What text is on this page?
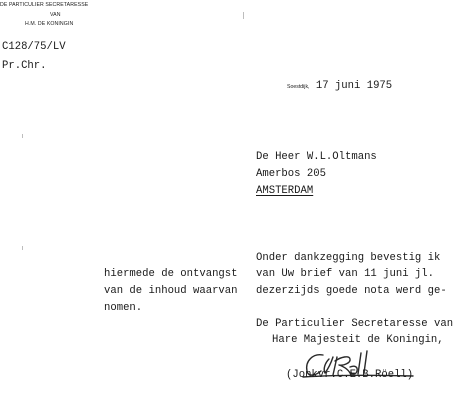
DE PARTICULIER SECRETARESSE
VAN
H.M. DE KONINGIN
C128/75/LV
Pr.Chr.
Soestdijk, 17 juni 1975
De Heer W.L.Oltmans
Amerbos 205
AMSTERDAM
Onder dankzegging bevestig ik
hiermede de ontvangst van Uw brief van 11 juni jl.
van de inhoud waarvan dezerzijds goede nota werd ge-
nomen.
De Particulier Secretaresse van
Hare Majesteit de Koningin,
(Jonkvr.C.E.B.Röell)
